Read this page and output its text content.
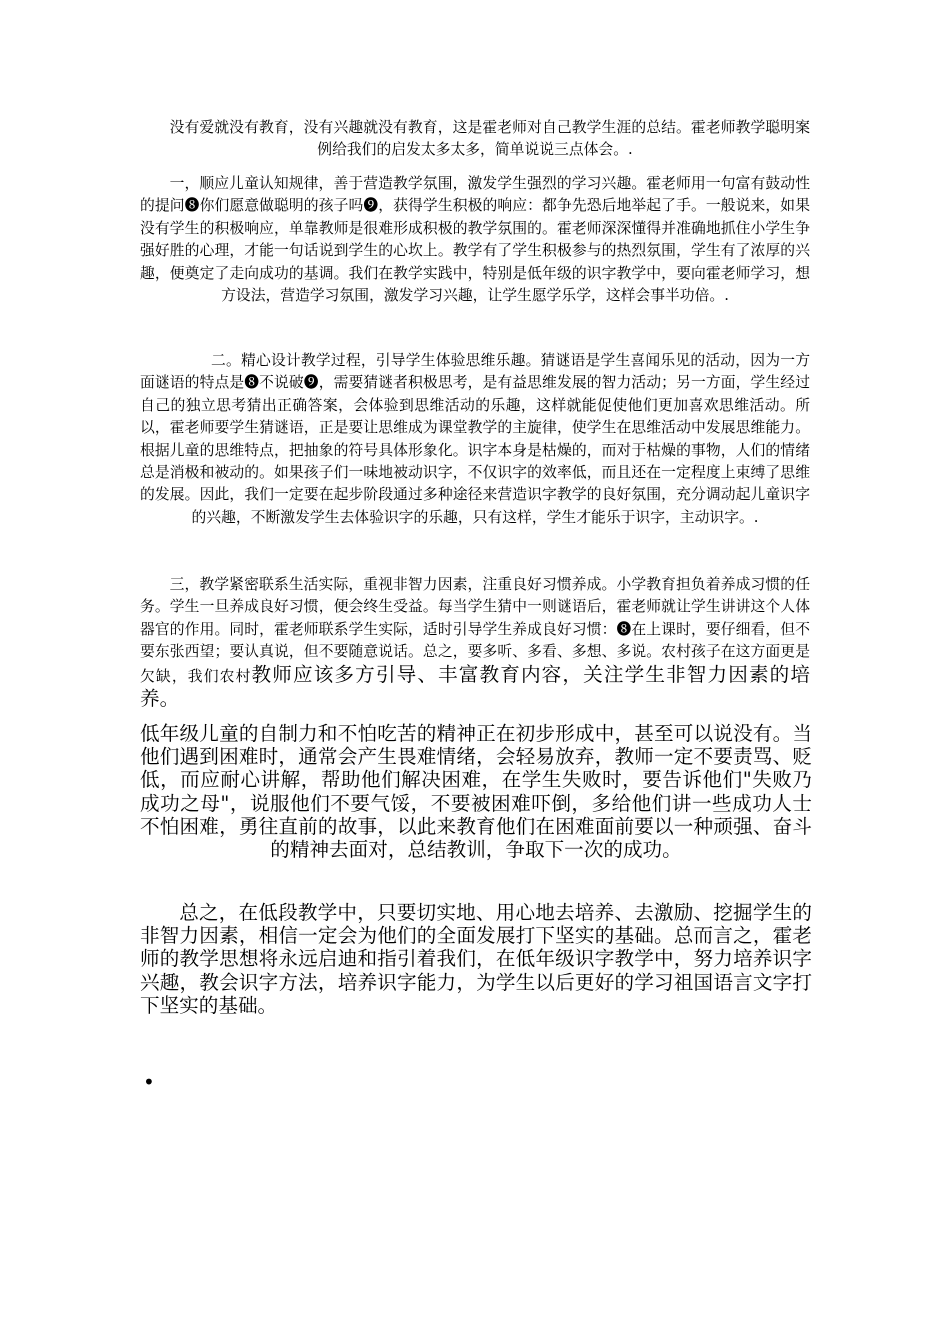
没有爱就没有教育，没有兴趣就没有教育，这是霍老师对自己教学生涯的总结。霍老师教学聪明案例给我们的启发太多太多，简单说说三点体会。.

一，顺应儿童认知规律，善于营造教学氛围，激发学生强烈的学习兴趣。霍老师用一句富有鼓动性的提问❽你们愿意做聪明的孩子吗❾，获得学生积极的响应：都争先恐后地举起了手。一般说来，如果没有学生的积极响应，单靠教师是很难形成积极的教学氛围的。霍老师深深懂得并准确地抓住小学生争强好胜的心理，才能一句话说到学生的心坎上。教学有了学生积极参与的热烈氛围，学生有了浓厚的兴趣，便奠定了走向成功的基调。我们在教学实践中，特别是低年级的识字教学中，要向霍老师学习，想方设法，营造学习氛围，激发学习兴趣，让学生愿学乐学，这样会事半功倍。.

二。精心设计教学过程，引导学生体验思维乐趣。猜谜语是学生喜闻乐见的活动，因为一方面谜语的特点是❽不说破❾，需要猜谜者积极思考，是有益思维发展的智力活动；另一方面，学生经过自己的独立思考猜出正确答案，会体验到思维活动的乐趣，这样就能促使他们更加喜欢思维活动。所以，霍老师要学生猜谜语，正是要让思维成为课堂教学的主旋律，使学生在思维活动中发展思维能力。根据儿童的思维特点，把抽象的符号具体形象化。识字本身是枯燥的，而对于枯燥的事物，人们的情绪总是消极和被动的。如果孩子们一味地被动识字，不仅识字的效率低，而且还在一定程度上束缚了思维的发展。因此，我们一定要在起步阶段通过多种途径来营造识字教学的良好氛围，充分调动起儿童识字的兴趣，不断激发学生去体验识字的乐趣，只有这样，学生才能乐于识字，主动识字。.

三，教学紧密联系生活实际，重视非智力因素，注重良好习惯养成。小学教育担负着养成习惯的任务。学生一旦养成良好习惯，便会终生受益。每当学生猜中一则谜语后，霍老师就让学生讲讲这个人体器官的作用。同时，霍老师联系学生实际，适时引导学生养成良好习惯：❽在上课时，要仔细看，但不要东张西望；要认真说，但不要随意说话。总之，要多听、多看、多想、多说。农村孩子在这方面更是欠缺，我们农村教师应该多方引导、丰富教育内容，关注学生非智力因素的培养。

低年级儿童的自制力和不怕吃苦的精神正在初步形成中，甚至可以说没有。当他们遇到困难时，通常会产生畏难情绪，会轻易放弃，教师一定不要责骂、贬低，而应耐心讲解，帮助他们解决困难，在学生失败时，要告诉他们"失败乃成功之母"，说服他们不要气馁，不要被困难吓倒，多给他们讲一些成功人士不怕困难，勇往直前的故事，以此来教育他们在困难面前要以一种顽强、奋斗的精神去面对，总结教训，争取下一次的成功。

总之，在低段教学中，只要切实地、用心地去培养、去激励、挖掘学生的非智力因素，相信一定会为他们的全面发展打下坚实的基础。总而言之，霍老师的教学思想将永远启迪和指引着我们，在低年级识字教学中，努力培养识字兴趣，教会识字方法，培养识字能力，为学生以后更好的学习祖国语言文字打下坚实的基础。

•
